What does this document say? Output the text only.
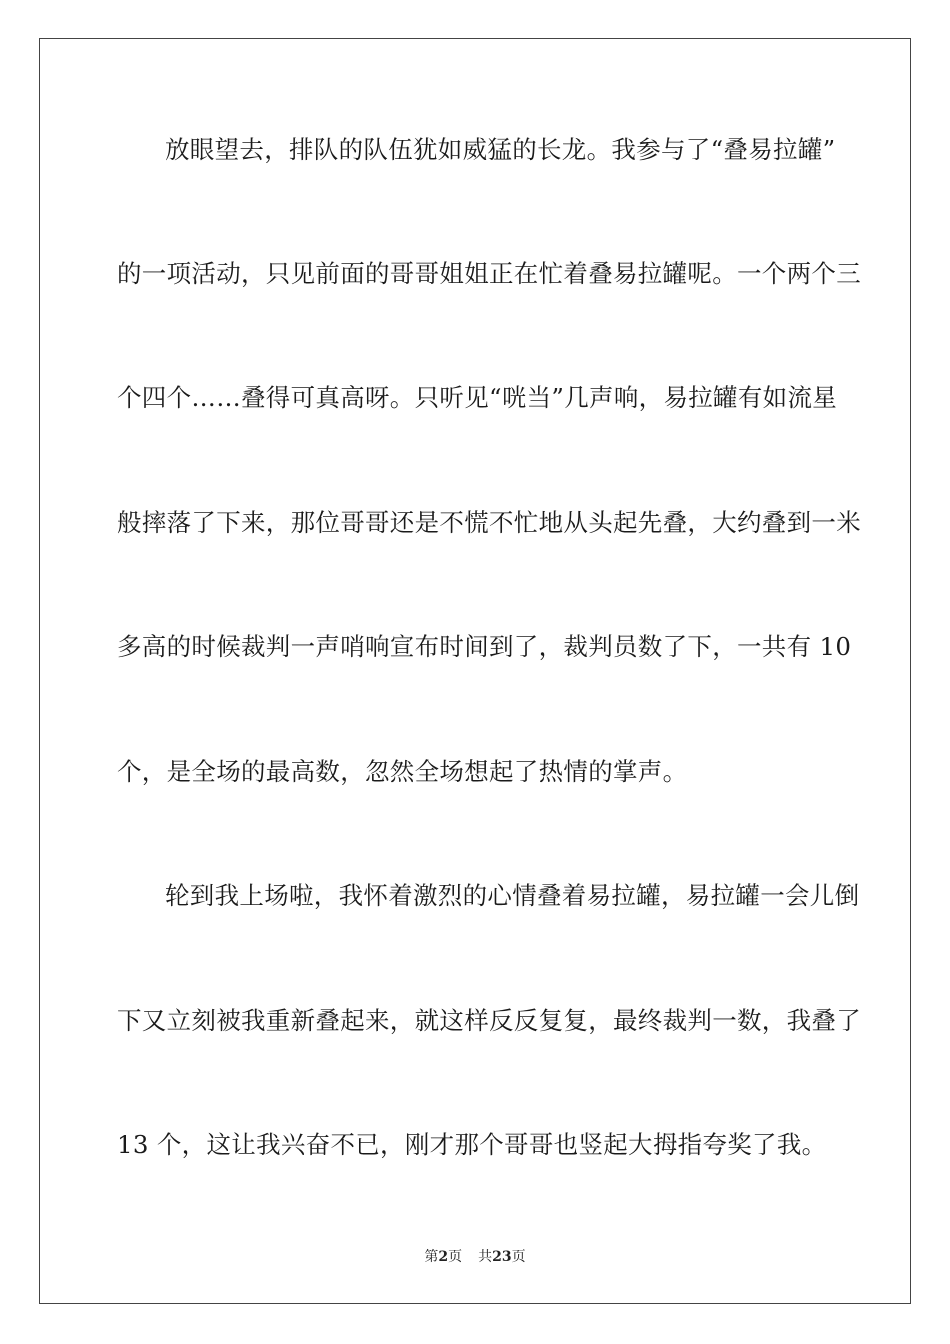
放眼望去，排队的队伍犹如威猛的长龙。我参与了“叠易拉罐”
的一项活动，只见前面的哥哥姐姐正在忙着叠易拉罐呢。一个两个三
个四个……叠得可真高呀。只听见“咣当”几声响，易拉罐有如流星
般摔落了下来，那位哥哥还是不慌不忙地从头起先叠，大约叠到一米
多高的时候裁判一声哨响宣布时间到了，裁判员数了下，一共有 10
个，是全场的最高数，忽然全场想起了热情的掌声。
轮到我上场啦，我怀着激烈的心情叠着易拉罐，易拉罐一会儿倒
下又立刻被我重新叠起来，就这样反反复复，最终裁判一数，我叠了
13 个，这让我兴奋不已，刚才那个哥哥也竖起大拇指夸奖了我。
第2页 共23页
